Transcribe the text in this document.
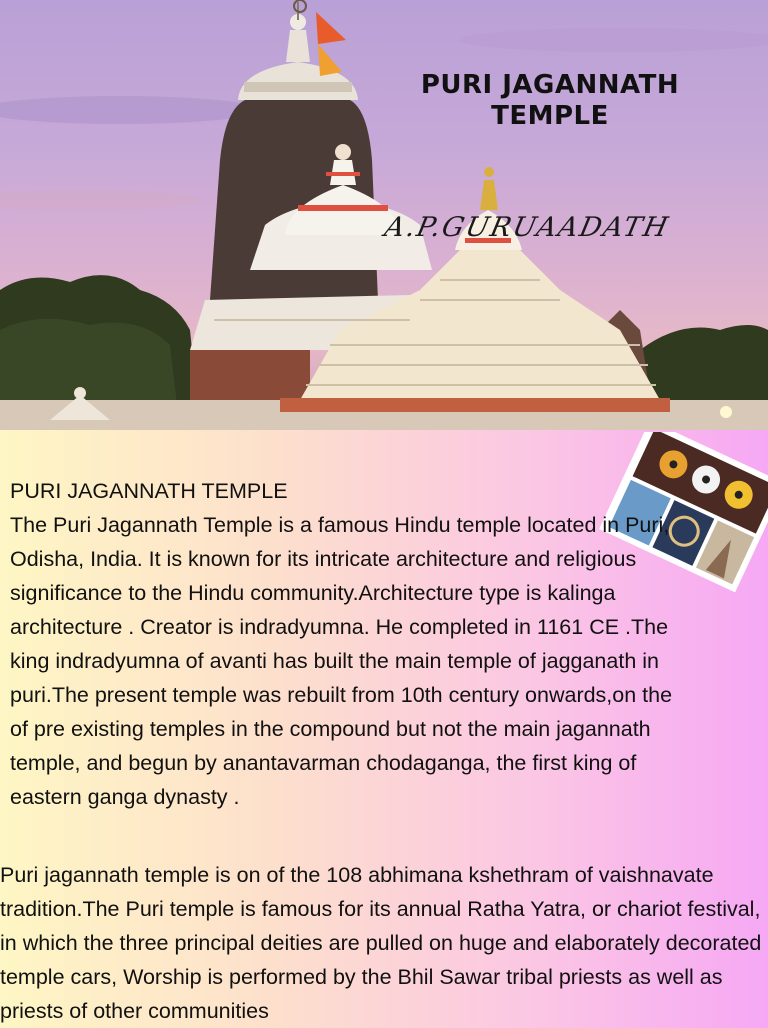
PURI JAGANNATH
TEMPLE
A.P.GURUAADATH

PURI JAGANNATH TEMPLE

The Puri Jagannath Temple is a famous Hindu temple located in Puri, Odisha, India. It is known for its intricate architecture and religious significance to the Hindu community.Architecture type is kalinga architecture . Creator is indradyumna. He completed in 1161 CE .The king indradyumna of avanti has built the main temple of jagganath in puri.The present temple was rebuilt from 10th century onwards,on the of pre existing temples in the compound but not the main jagannath temple, and begun by anantavarman chodaganga, the first king of eastern ganga dynasty .

Puri jagannath temple is on of the 108 abhimana kshethram of vaishnavate tradition.The Puri temple is famous for its annual Ratha Yatra, or chariot festival, in which the three principal deities are pulled on huge and elaborately decorated temple cars, Worship is performed by the Bhil Sawar tribal priests as well as priests of other communities
